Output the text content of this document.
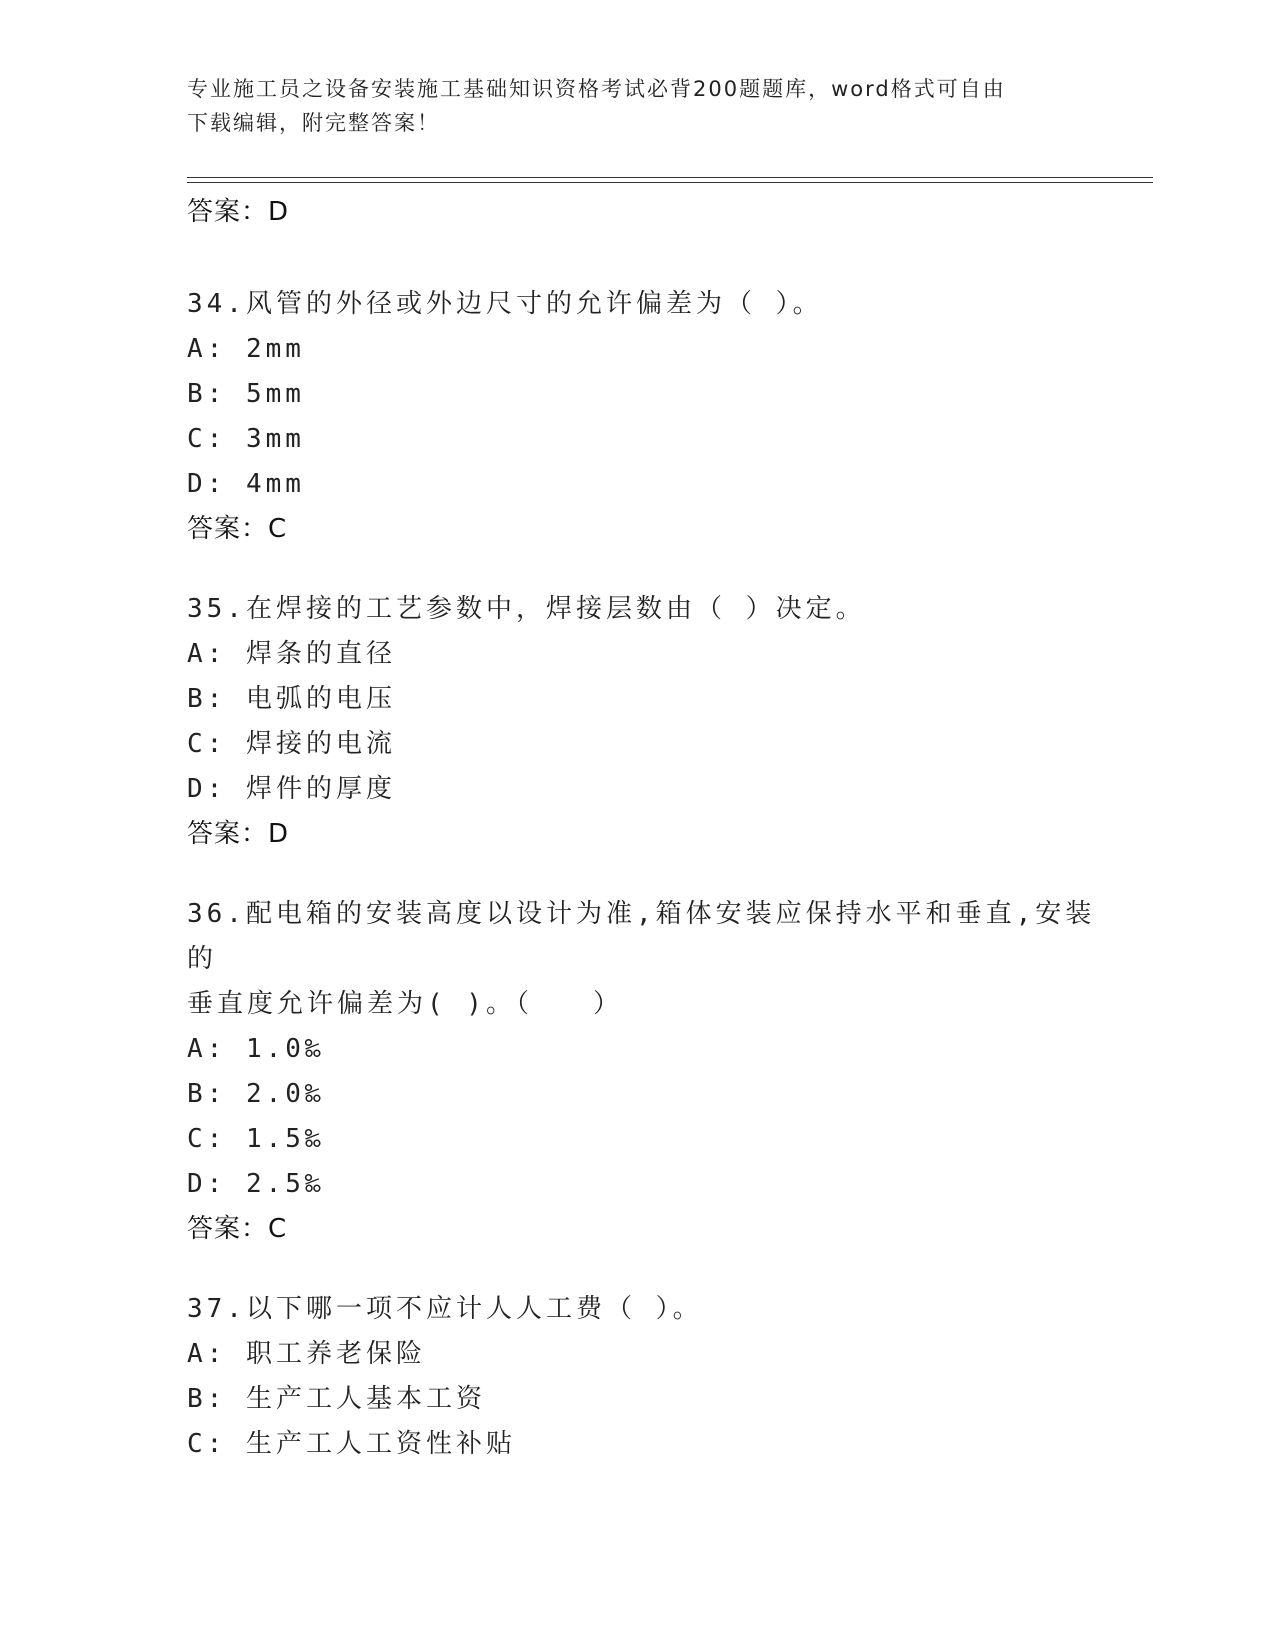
专业施工员之设备安装施工基础知识资格考试必背200题题库，word格式可自由
下载编辑，附完整答案！
答案：D
34.风管的外径或外边尺寸的允许偏差为（ ）。
A: 2mm
B: 5mm
C: 3mm
D: 4mm
答案：C
35.在焊接的工艺参数中，焊接层数由（ ）决定。
A: 焊条的直径
B: 电弧的电压
C: 焊接的电流
D: 焊件的厚度
答案：D
36.配电箱的安装高度以设计为准,箱体安装应保持水平和垂直,安装的
垂直度允许偏差为( )。（　　）
A: 1.0‰
B: 2.0‰
C: 1.5‰
D: 2.5‰
答案：C
37.以下哪一项不应计人人工费（ ）。
A: 职工养老保险
B: 生产工人基本工资
C: 生产工人工资性补贴
